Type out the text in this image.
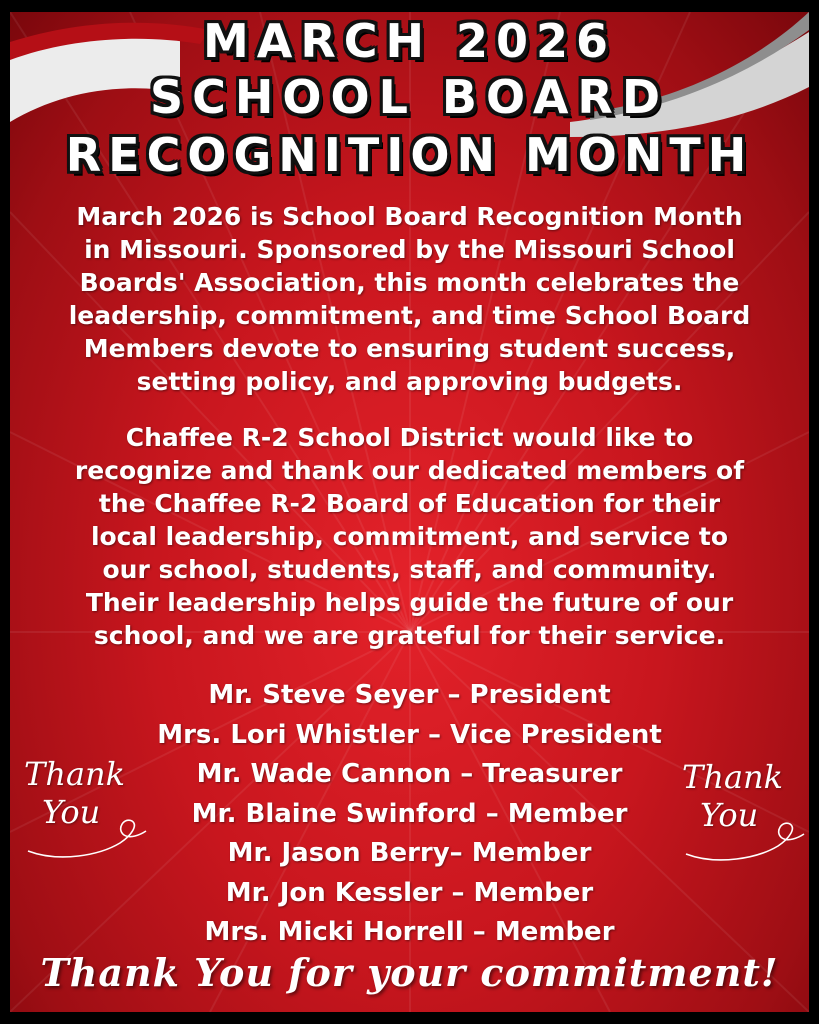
MARCH 2026
SCHOOL BOARD
RECOGNITION MONTH
March 2026 is School Board Recognition Month
in Missouri. Sponsored by the Missouri School
Boards' Association, this month celebrates the
leadership, commitment, and time School Board
Members devote to ensuring student success,
setting policy, and approving budgets.
Chaffee R-2 School District would like to
recognize and thank our dedicated members of
the Chaffee R-2 Board of Education for their
local leadership, commitment, and service to
our school, students, staff, and community.
Their leadership helps guide the future of our
school, and we are grateful for their service.
Mr. Steve Seyer – President
Mrs. Lori Whistler – Vice President
Mr. Wade Cannon – Treasurer
Mr. Blaine Swinford – Member
Mr. Jason Berry– Member
Mr. Jon Kessler – Member
Mrs. Micki Horrell – Member
Thank
You
Thank
You
Thank You for your commitment!
